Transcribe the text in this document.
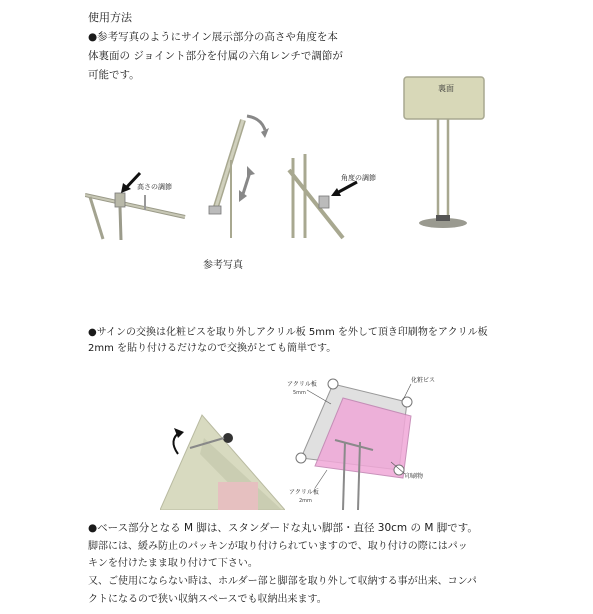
使用方法
●参考写真のようにサイン展示部分の高さや角度を本
体裏面の ジョイント部分を付属の六角レンチで調節が
可能です。
高さの調節
角度の調節
裏面
参考写真
●サインの交換は化粧ビスを取り外しアクリル板 5mm を外して頂き印刷物をアクリル板
2mm を貼り付けるだけなので交換がとても簡単です。
アクリル板
5mm
化粧ビス
アクリル板
2mm
印刷物
●ベース部分となる M 脚は、スタンダードな丸い脚部・直径 30cm の M 脚です。
脚部には、緩み防止のパッキンが取り付けられていますので、取り付けの際にはパッ
キンを付けたまま取り付けて下さい。
又、ご使用にならない時は、ホルダー部と脚部を取り外して収納する事が出来、コンパ
クトになるので狭い収納スペースでも収納出来ます。
